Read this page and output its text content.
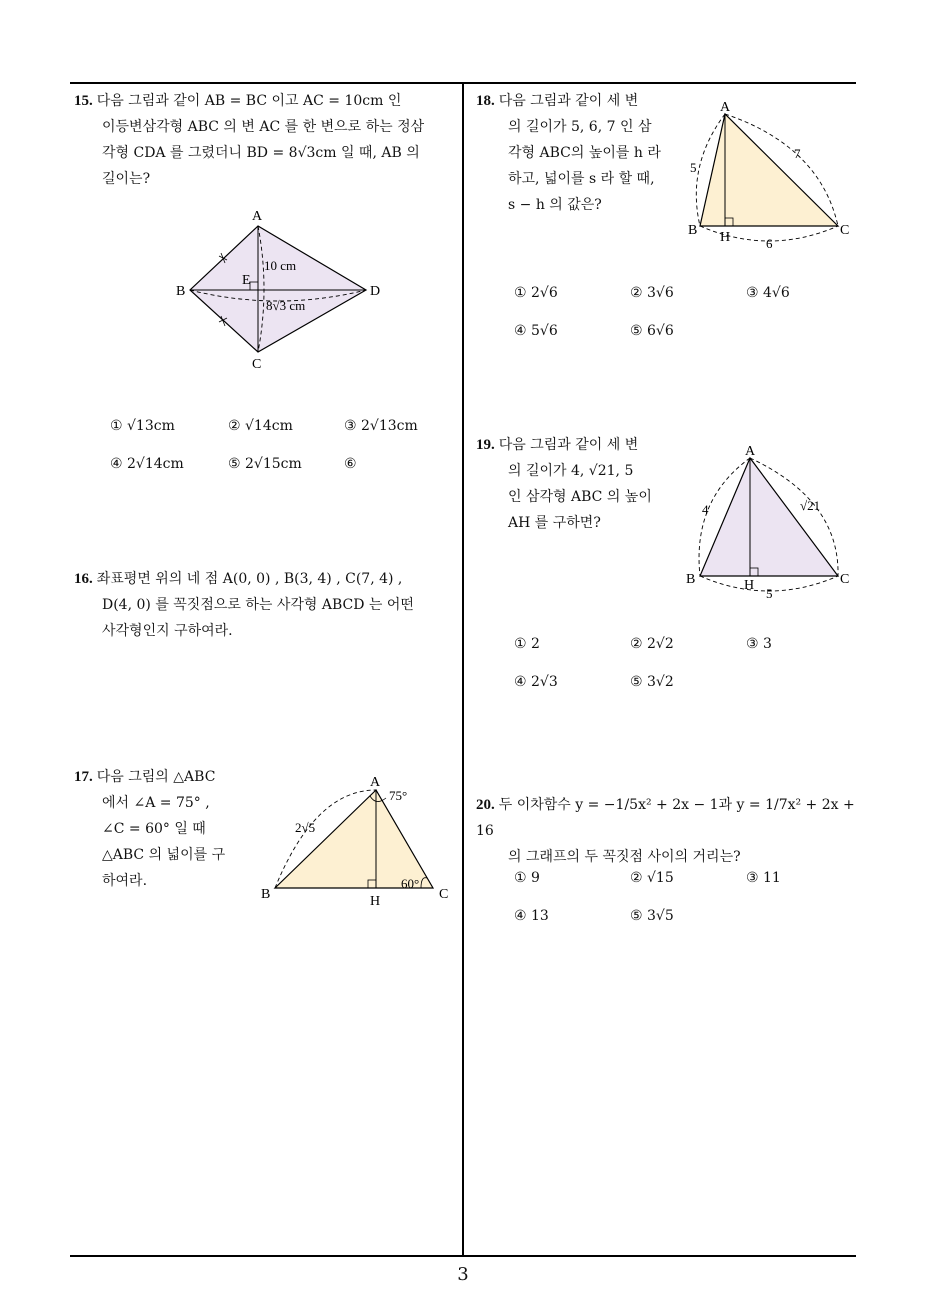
15. 다음 그림과 같이 AB = BC 이고 AC = 10cm 인
이등변삼각형 ABC 의 변 AC 를 한 변으로 하는 정삼
각형 CDA 를 그렸더니 BD = 8√3cm 일 때, AB 의
길이는?
A
B
C
D
E
10 cm
8√3 cm
① √13cm	② √14cm	③ 2√13cm
④ 2√14cm	⑤ 2√15cm	⑥
16. 좌표평면 위의 네 점 A(0, 0) , B(3, 4) , C(7, 4) ,
D(4, 0) 를 꼭짓점으로 하는 사각형 ABCD 는 어떤
사각형인지 구하여라.
17. 다음 그림의 △ABC
에서 ∠A = 75° ,
∠C = 60° 일 때
△ABC 의 넓이를 구
하여라.
A
B	C
H
2√5
75°
60°
18. 다음 그림과 같이 세 변
의 길이가 5, 6, 7 인 삼
각형 ABC의 높이를 h 라
하고, 넓이를 s 라 할 때,
s − h 의 값은?
A
B	C
H
5
7
6
① 2√6	② 3√6	③ 4√6
④ 5√6	⑤ 6√6
19. 다음 그림과 같이 세 변
의 길이가 4, √21, 5
인 삼각형 ABC 의 높이
AH 를 구하면?
A
B	C
H
4	√21
5
① 2	② 2√2	③ 3
④ 2√3	⑤ 3√2
20. 두 이차함수 y = −1/5x² + 2x − 1과 y = 1/7x² + 2x + 16
의 그래프의 두 꼭짓점 사이의 거리는?
① 9	② √15	③ 11
④ 13	⑤ 3√5
3
